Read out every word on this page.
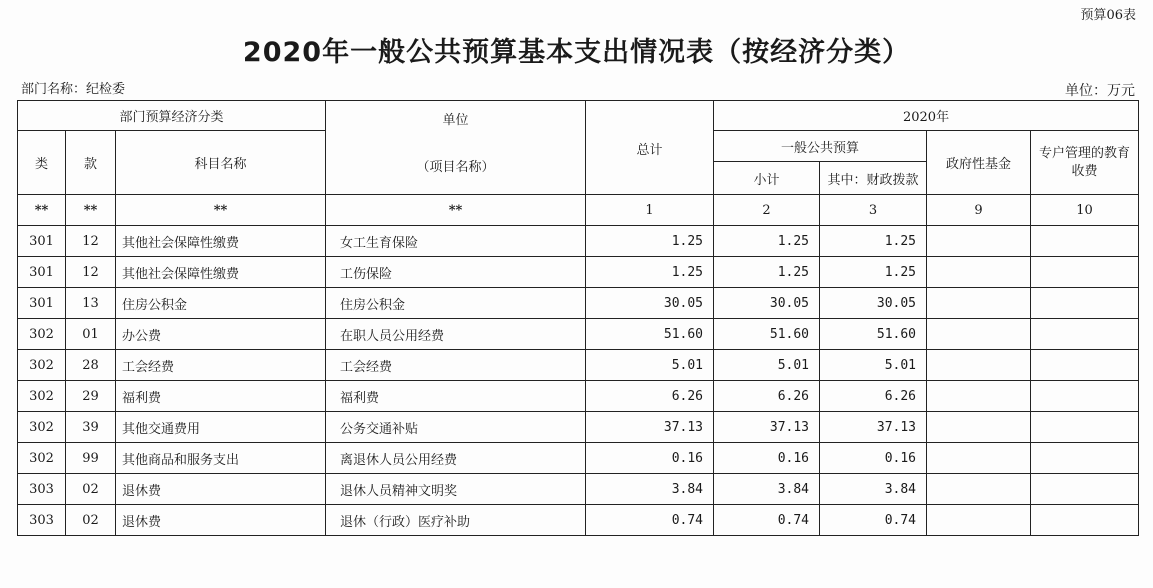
预算06表
2020年一般公共预算基本支出情况表（按经济分类）
部门名称：纪检委	单位：万元
部门预算经济分类			单位
（项目名称）	总计	2020年			
类	款	科目名称			一般公共预算		政府性基金	专户管理的教育收费
					小计	其中：财政拨款		
**	**	**	**	1	2	3	9	10
301	12	其他社会保障性缴费	女工生育保险	1.25	1.25	1.25		
301	12	其他社会保障性缴费	工伤保险	1.25	1.25	1.25		
301	13	住房公积金	住房公积金	30.05	30.05	30.05		
302	01	办公费	在职人员公用经费	51.60	51.60	51.60		
302	28	工会经费	工会经费	5.01	5.01	5.01		
302	29	福利费	福利费	6.26	6.26	6.26		
302	39	其他交通费用	公务交通补贴	37.13	37.13	37.13		
302	99	其他商品和服务支出	离退休人员公用经费	0.16	0.16	0.16		
303	02	退休费	退休人员精神文明奖	3.84	3.84	3.84		
303	02	退休费	退休（行政）医疗补助	0.74	0.74	0.74		
